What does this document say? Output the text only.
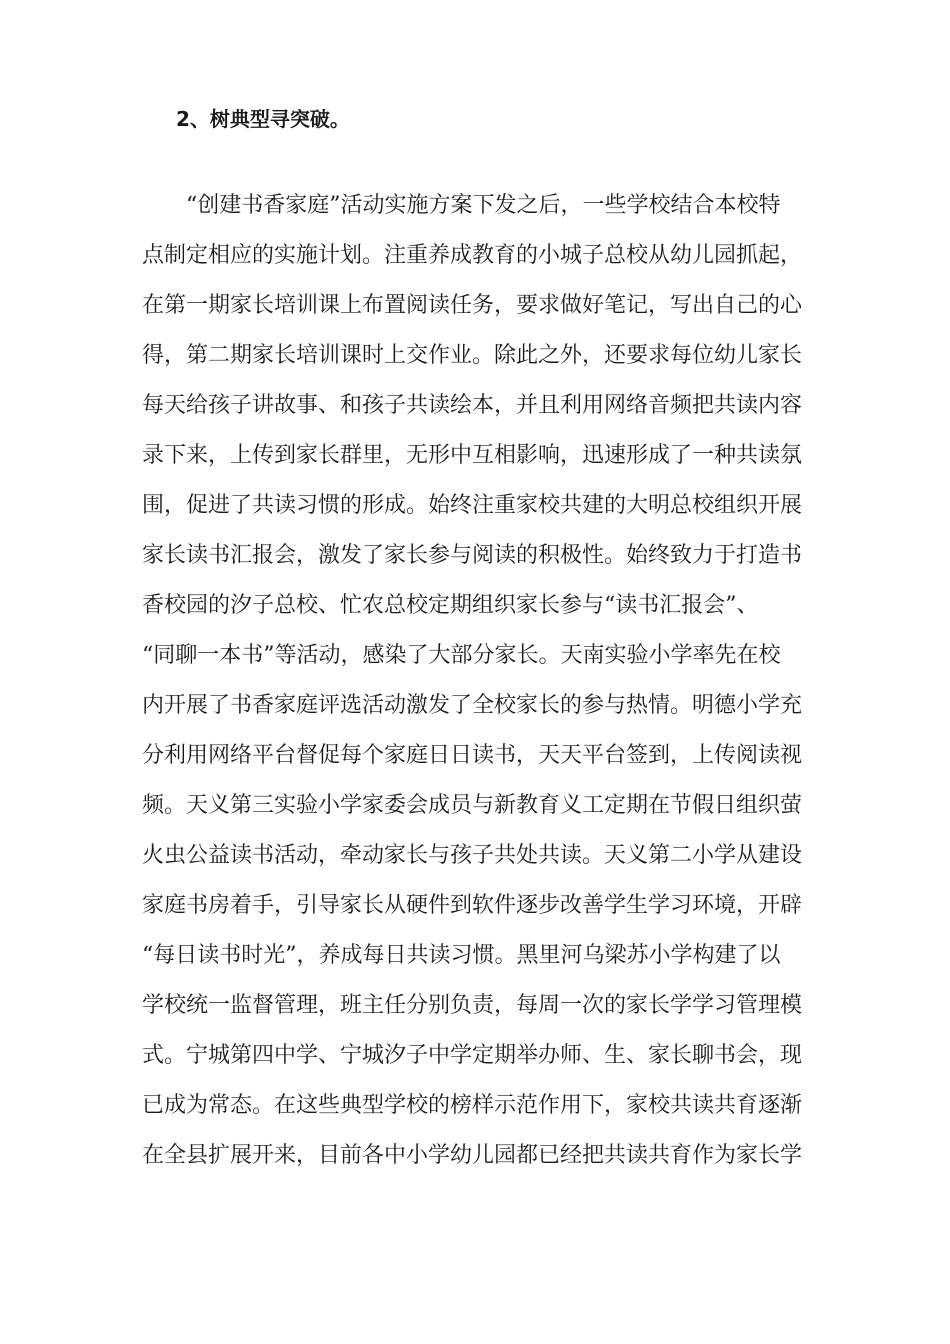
2、树典型寻突破。
“创建书香家庭”活动实施方案下发之后，一些学校结合本校特
点制定相应的实施计划。注重养成教育的小城子总校从幼儿园抓起，
在第一期家长培训课上布置阅读任务，要求做好笔记，写出自己的心
得，第二期家长培训课时上交作业。除此之外，还要求每位幼儿家长
每天给孩子讲故事、和孩子共读绘本，并且利用网络音频把共读内容
录下来，上传到家长群里，无形中互相影响，迅速形成了一种共读氛
围，促进了共读习惯的形成。始终注重家校共建的大明总校组织开展
家长读书汇报会，激发了家长参与阅读的积极性。始终致力于打造书
香校园的汐子总校、忙农总校定期组织家长参与“读书汇报会”、
“同聊一本书”等活动，感染了大部分家长。天南实验小学率先在校
内开展了书香家庭评选活动激发了全校家长的参与热情。明德小学充
分利用网络平台督促每个家庭日日读书，天天平台签到，上传阅读视
频。天义第三实验小学家委会成员与新教育义工定期在节假日组织萤
火虫公益读书活动，牵动家长与孩子共处共读。天义第二小学从建设
家庭书房着手，引导家长从硬件到软件逐步改善学生学习环境，开辟
“每日读书时光”，养成每日共读习惯。黑里河乌梁苏小学构建了以
学校统一监督管理，班主任分别负责，每周一次的家长学学习管理模
式。宁城第四中学、宁城汐子中学定期举办师、生、家长聊书会，现
已成为常态。在这些典型学校的榜样示范作用下，家校共读共育逐渐
在全县扩展开来，目前各中小学幼儿园都已经把共读共育作为家长学
